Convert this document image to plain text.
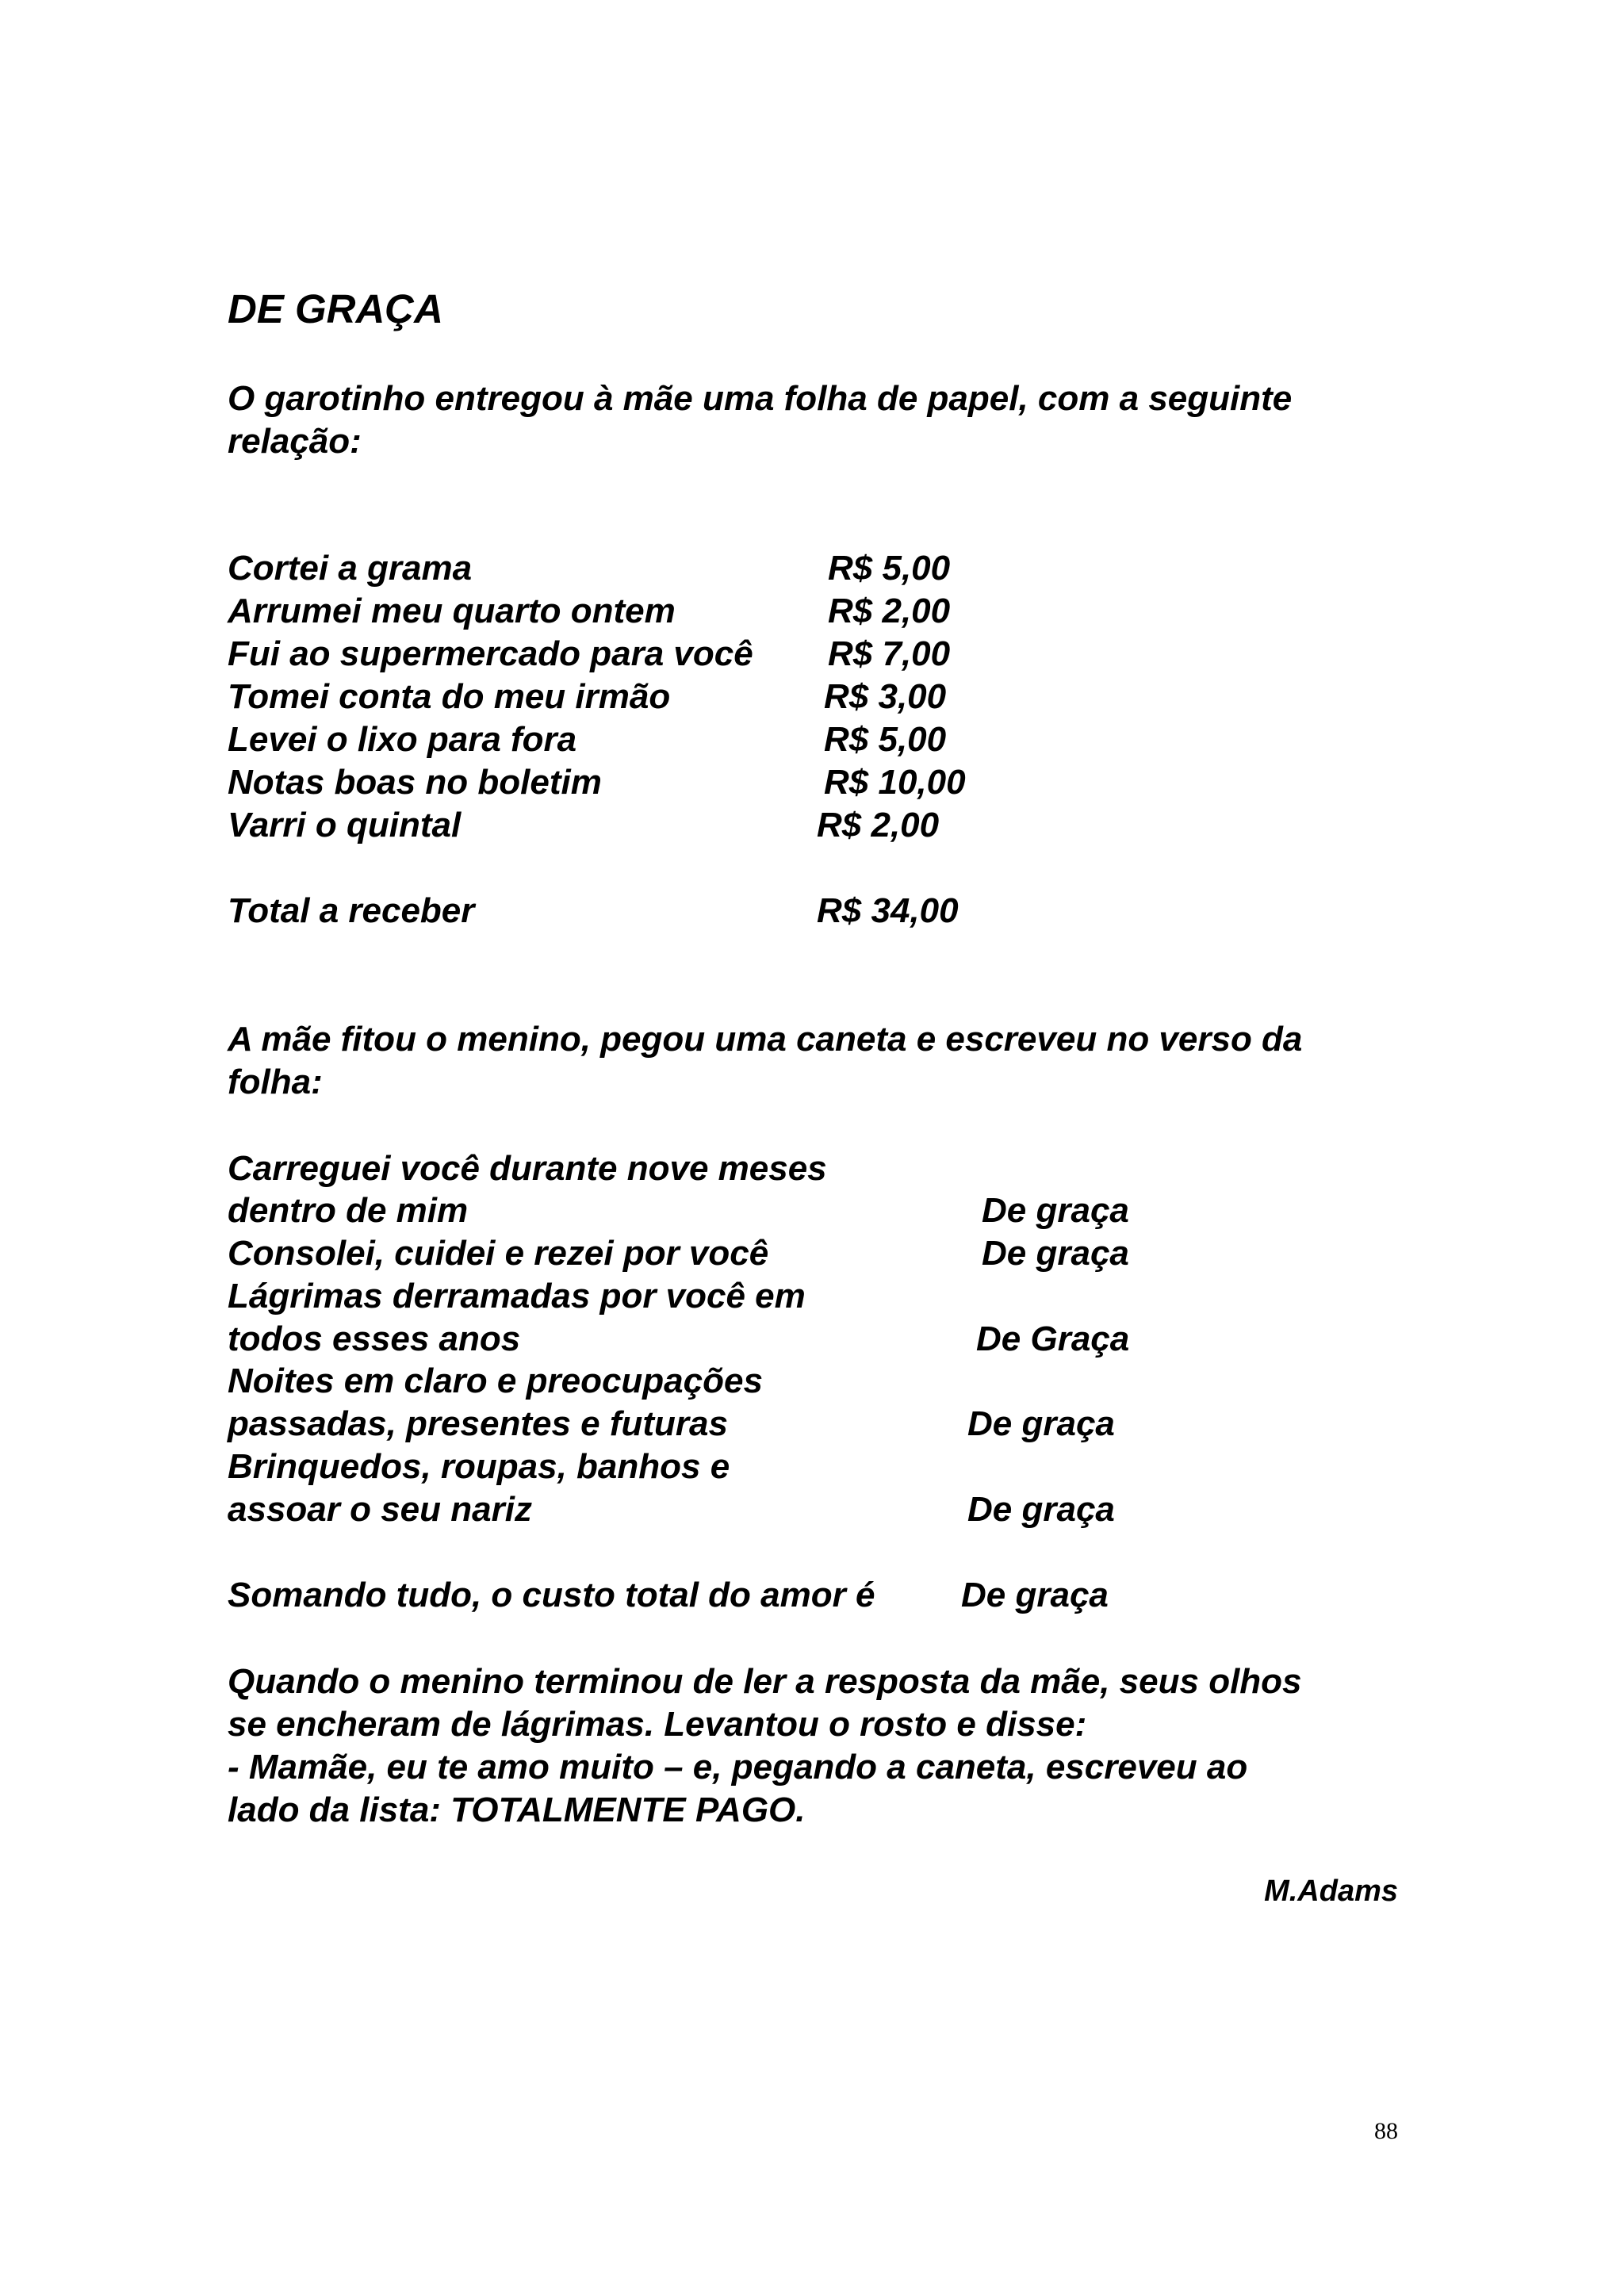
DE GRAÇA
O garotinho entregou à mãe uma folha de papel, com a seguinte
relação:
Cortei a grama	R$ 5,00
Arrumei meu quarto ontem	R$ 2,00
Fui ao supermercado para você R$ 7,00
Tomei conta do meu irmão	R$ 3,00
Levei o lixo para fora	R$ 5,00
Notas boas no boletim	R$ 10,00
Varri o quintal	R$ 2,00
Total a receber	R$ 34,00
A mãe fitou o menino, pegou uma caneta e escreveu no verso da
folha:
Carreguei você durante nove meses
dentro de mim	De graça
Consolei, cuidei e rezei por você	De graça
Lágrimas derramadas por você em
todos esses anos	De Graça
Noites em claro e preocupações
passadas, presentes e futuras	De graça
Brinquedos, roupas, banhos e
assoar o seu nariz	De graça
Somando tudo, o custo total do amor é De graça
Quando o menino terminou de ler a resposta da mãe, seus olhos
se encheram de lágrimas. Levantou o rosto e disse:
- Mamãe, eu te amo muito – e, pegando a caneta, escreveu ao
lado da lista: TOTALMENTE PAGO.
M.Adams
88
